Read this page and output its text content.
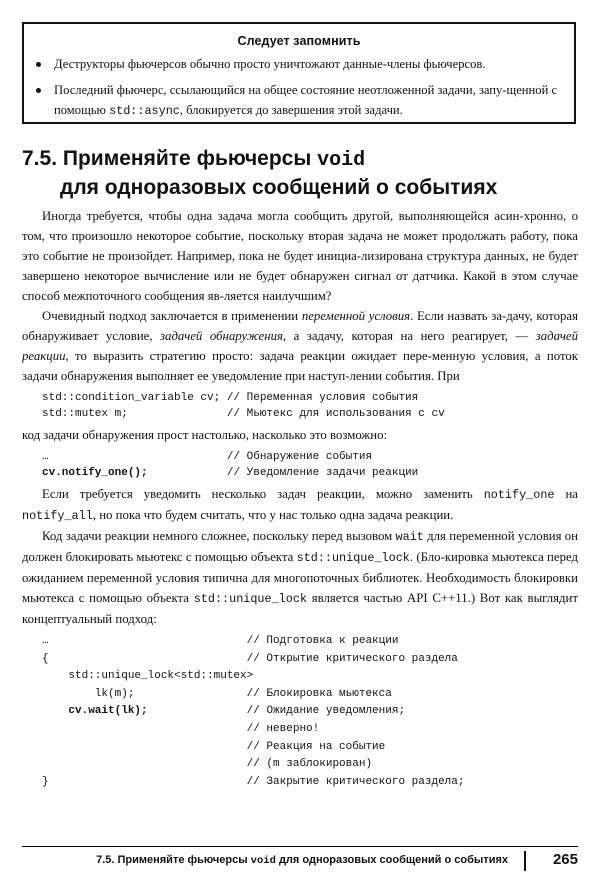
Следует запомнить
Деструкторы фьючерсов обычно просто уничтожают данные-члены фьючерсов.
Последний фьючерс, ссылающийся на общее состояние неотложенной задачи, запу-щенной с помощью std::async, блокируется до завершения этой задачи.
7.5. Применяйте фьючерсы void
для одноразовых сообщений о событиях

Иногда требуется, чтобы одна задача могла сообщить другой, выполняющейся асин-хронно, о том, что произошло некоторое событие, поскольку вторая задача не может продолжать работу, пока это событие не произойдет. Например, пока не будет инициа-лизирована структура данных, не будет завершено некоторое вычисление или не будет обнаружен сигнал от датчика. Какой в этом случае способ межпоточного сообщения яв-ляется наилучшим?

Очевидный подход заключается в применении переменной условия. Если назвать за-дачу, которая обнаруживает условие, задачей обнаружения, а задачу, которая на него реагирует, — задачей реакции, то выразить стратегию просто: задача реакции ожидает пере-менную условия, а поток задачи обнаружения выполняет ее уведомление при наступ-лении события. При

std::condition_variable cv; // Переменная условия события
std::mutex m;               // Мьютекс для использования с cv

код задачи обнаружения прост настолько, насколько это возможно:

…                           // Обнаружение события
cv.notify_one();            // Уведомление задачи реакции

Если требуется уведомить несколько задач реакции, можно заменить notify_one на notify_all, но пока что будем считать, что у нас только одна задача реакции.

Код задачи реакции немного сложнее, поскольку перед вызовом wait для переменной условия он должен блокировать мьютекс с помощью объекта std::unique_lock. (Бло-кировка мьютекса перед ожиданием переменной условия типична для многопоточных библиотек. Необходимость блокировки мьютекса с помощью объекта std::unique_lock является частью API C++11.) Вот как выглядит концептуальный подход:

…                              // Подготовка к реакции
{                              // Открытие критического раздела
std::unique_lock<std::mutex>
lk(m);                 // Блокировка мьютекса
cv.wait(lk);               // Ожидание уведомления;
// неверно!
// Реакция на событие
// (m заблокирован)
}                              // Закрытие критического раздела;
7.5. Применяйте фьючерсы void для одноразовых сообщений о событиях	265
